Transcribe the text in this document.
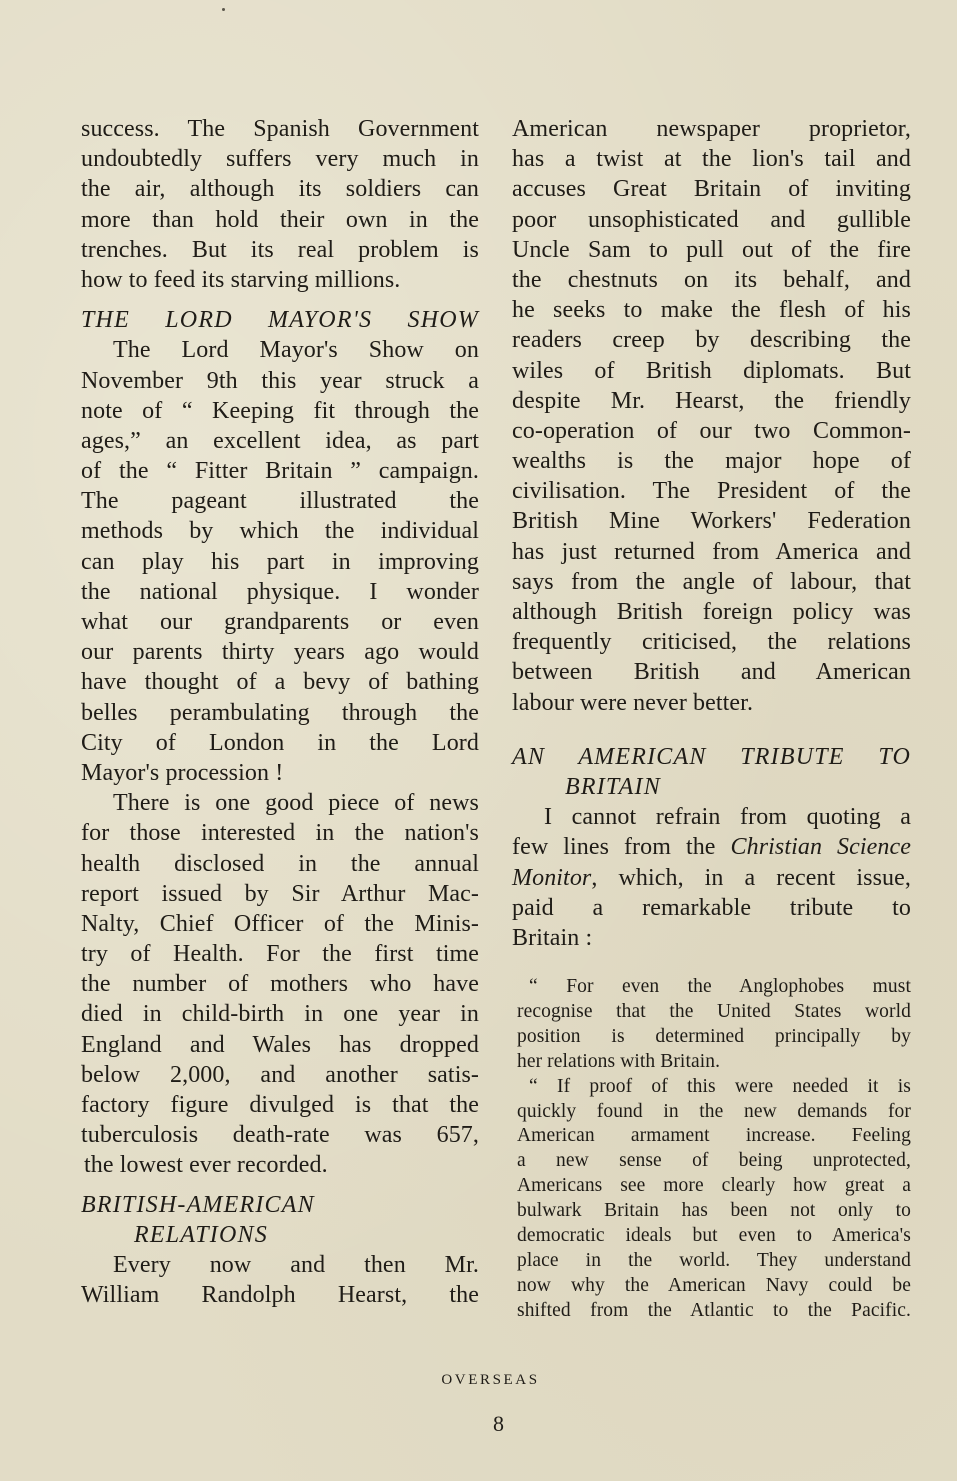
success. The Spanish Government
undoubtedly suffers very much in
the air, although its soldiers can
more than hold their own in the
trenches. But its real problem is
how to feed its starving millions.
THE LORD MAYOR'S SHOW
The Lord Mayor's Show on
November 9th this year struck a
note of “ Keeping fit through the
ages,” an excellent idea, as part
of the “ Fitter Britain ” campaign.
The pageant illustrated the
methods by which the individual
can play his part in improving
the national physique. I wonder
what our grandparents or even
our parents thirty years ago would
have thought of a bevy of bathing
belles perambulating through the
City of London in the Lord
Mayor's procession !
There is one good piece of news
for those interested in the nation's
health disclosed in the annual
report issued by Sir Arthur Mac-
Nalty, Chief Officer of the Minis-
try of Health. For the first time
the number of mothers who have
died in child-birth in one year in
England and Wales has dropped
below 2,000, and another satis-
factory figure divulged is that the
tuberculosis death-rate was 657,
the lowest ever recorded.
BRITISH-AMERICAN
RELATIONS
Every now and then Mr.
William Randolph Hearst, the
American newspaper proprietor,
has a twist at the lion's tail and
accuses Great Britain of inviting
poor unsophisticated and gullible
Uncle Sam to pull out of the fire
the chestnuts on its behalf, and
he seeks to make the flesh of his
readers creep by describing the
wiles of British diplomats. But
despite Mr. Hearst, the friendly
co-operation of our two Common-
wealths is the major hope of
civilisation. The President of the
British Mine Workers' Federation
has just returned from America and
says from the angle of labour, that
although British foreign policy was
frequently criticised, the relations
between British and American
labour were never better.
AN AMERICAN TRIBUTE TO
BRITAIN
I cannot refrain from quoting a
few lines from the Christian Science
Monitor, which, in a recent issue,
paid a remarkable tribute to
Britain :
“ For even the Anglophobes must
recognise that the United States world
position is determined principally by
her relations with Britain.
“ If proof of this were needed it is
quickly found in the new demands for
American armament increase. Feeling
a new sense of being unprotected,
Americans see more clearly how great a
bulwark Britain has been not only to
democratic ideals but even to America's
place in the world. They understand
now why the American Navy could be
shifted from the Atlantic to the Pacific.
OVERSEAS
8
